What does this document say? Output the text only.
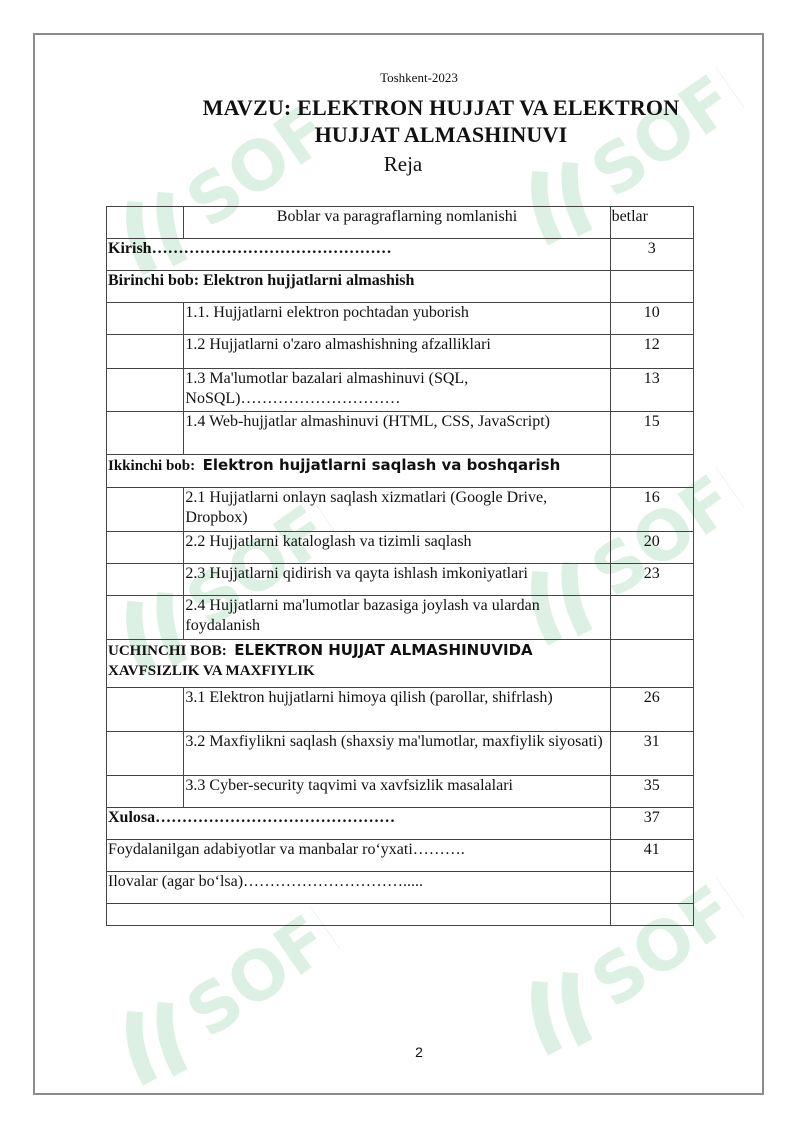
SOFF	SOFF
SOFF	SOFF
SOFF	SOFF
Toshkent-2023
MAVZU: ELEKTRON HUJJAT VA ELEKTRON
HUJJAT ALMASHINUVI
Reja
	Boblar va paragraflarning nomlanishi	betlar
Kirish………………………………………		3
Birinchi bob: Elektron hujjatlarni almashish		
	1.1. Hujjatlarni elektron pochtadan yuborish	10
	1.2 Hujjatlarni o'zaro almashishning afzalliklari	12
	1.3 Ma'lumotlar bazalari almashinuvi (SQL, NoSQL)…………………………	13
	1.4 Web-hujjatlar almashinuvi (HTML, CSS, JavaScript)	15
Ikkinchi bob: Elektron hujjatlarni saqlash va boshqarish		
	2.1 Hujjatlarni onlayn saqlash xizmatlari (Google Drive, Dropbox)	16
	2.2 Hujjatlarni kataloglash va tizimli saqlash	20
	2.3 Hujjatlarni qidirish va qayta ishlash imkoniyatlari	23
	2.4 Hujjatlarni ma'lumotlar bazasiga joylash va ulardan foydalanish	
UCHINCHI BOB: ELEKTRON HUJJAT ALMASHINUVIDA
XAVFSIZLIK VA MAXFIYLIK		
	3.1 Elektron hujjatlarni himoya qilish (parollar, shifrlash)	26
	3.2 Maxfiylikni saqlash (shaxsiy ma'lumotlar, maxfiylik siyosati)	31
	3.3 Cyber-security taqvimi va xavfsizlik masalalari	35
Xulosa………………………………………		37
Foydalanilgan adabiyotlar va manbalar ro‘yxati……….		41
Ilovalar (agar bo‘lsa)………………………….....		

2
